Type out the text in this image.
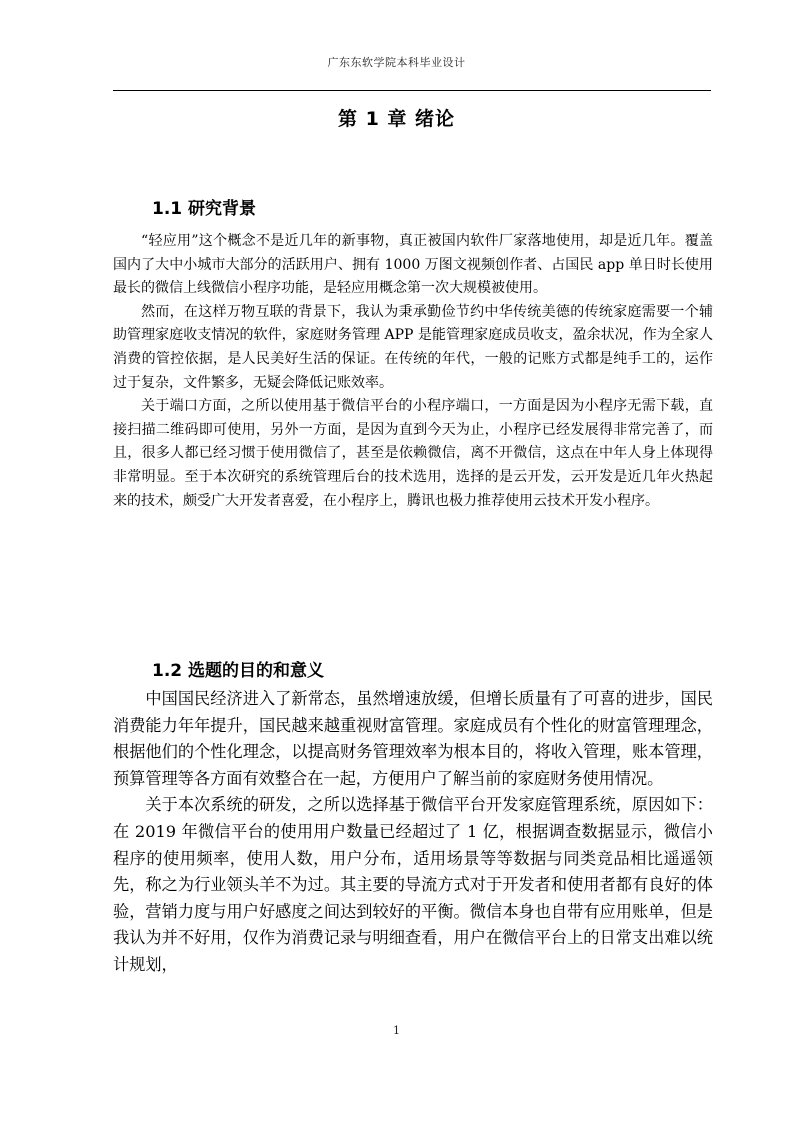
广东东软学院本科毕业设计
第 1 章 绪论
1.1 研究背景

“轻应用”这个概念不是近几年的新事物，真正被国内软件厂家落地使用，却是近几年。覆盖国内了大中小城市大部分的活跃用户、拥有 1000 万图文视频创作者、占国民 app 单日时长使用最长的微信上线微信小程序功能，是轻应用概念第一次大规模被使用。

然而，在这样万物互联的背景下，我认为秉承勤俭节约中华传统美德的传统家庭需要一个辅助管理家庭收支情况的软件，家庭财务管理 APP 是能管理家庭成员收支，盈余状况，作为全家人消费的管控依据，是人民美好生活的保证。在传统的年代，一般的记账方式都是纯手工的，运作过于复杂，文件繁多，无疑会降低记账效率。

关于端口方面，之所以使用基于微信平台的小程序端口，一方面是因为小程序无需下载，直接扫描二维码即可使用，另外一方面，是因为直到今天为止，小程序已经发展得非常完善了，而且，很多人都已经习惯于使用微信了，甚至是依赖微信，离不开微信，这点在中年人身上体现得非常明显。至于本次研究的系统管理后台的技术选用，选择的是云开发，云开发是近几年火热起来的技术，颇受广大开发者喜爱，在小程序上，腾讯也极力推荐使用云技术开发小程序。

1.2 选题的目的和意义

中国国民经济进入了新常态，虽然增速放缓，但增长质量有了可喜的进步，国民消费能力年年提升，国民越来越重视财富管理。家庭成员有个性化的财富管理理念，根据他们的个性化理念，以提高财务管理效率为根本目的，将收入管理，账本管理，预算管理等各方面有效整合在一起，方便用户了解当前的家庭财务使用情况。

关于本次系统的研发，之所以选择基于微信平台开发家庭管理系统，原因如下：在 2019 年微信平台的使用用户数量已经超过了 1 亿，根据调查数据显示，微信小程序的使用频率，使用人数，用户分布，适用场景等等数据与同类竞品相比遥遥领先，称之为行业领头羊不为过。其主要的导流方式对于开发者和使用者都有良好的体验，营销力度与用户好感度之间达到较好的平衡。微信本身也自带有应用账单，但是我认为并不好用，仅作为消费记录与明细查看，用户在微信平台上的日常支出难以统计规划，

1
